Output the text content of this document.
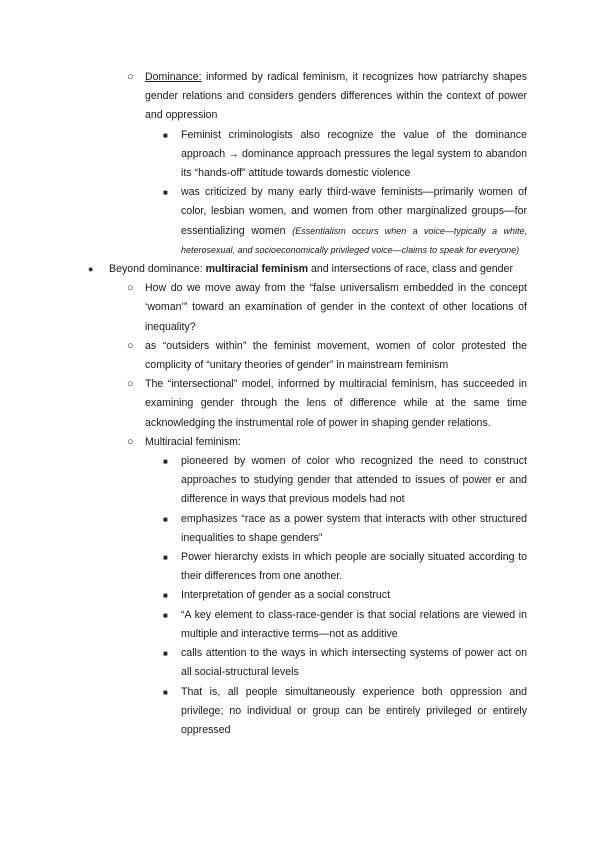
○ Dominance: informed by radical feminism, it recognizes how patriarchy shapes gender relations and considers genders differences within the context of power and oppression
■ Feminist criminologists also recognize the value of the dominance approach → dominance approach pressures the legal system to abandon its “hands-off” attitude towards domestic violence
■ was criticized by many early third-wave feminists—primarily women of color, lesbian women, and women from other marginalized groups—for essentializing women (Essentialism occurs when a voice—typically a white, heterosexual, and socioeconomically privileged voice—claims to speak for everyone)
● Beyond dominance: multiracial feminism and intersections of race, class and gender
○ How do we move away from the “false universalism embedded in the concept ‘woman’” toward an examination of gender in the context of other locations of inequality?
○ as “outsiders within” the feminist movement, women of color protested the complicity of “unitary theories of gender” in mainstream feminism
○ The “intersectional” model, informed by multiracial feminism, has succeeded in examining gender through the lens of difference while at the same time acknowledging the instrumental role of power in shaping gender relations.
○ Multiracial feminism:
■ pioneered by women of color who recognized the need to construct approaches to studying gender that attended to issues of power er and difference in ways that previous models had not
■ emphasizes “race as a power system that interacts with other structured inequalities to shape genders”
■ Power hierarchy exists in which people are socially situated according to their differences from one another.
■ Interpretation of gender as a social construct
■ “A key element to class-race-gender is that social relations are viewed in multiple and interactive terms—not as additive
■ calls attention to the ways in which intersecting systems of power act on all social-structural levels
■ That is, all people simultaneously experience both oppression and privilege; no individual or group can be entirely privileged or entirely oppressed
